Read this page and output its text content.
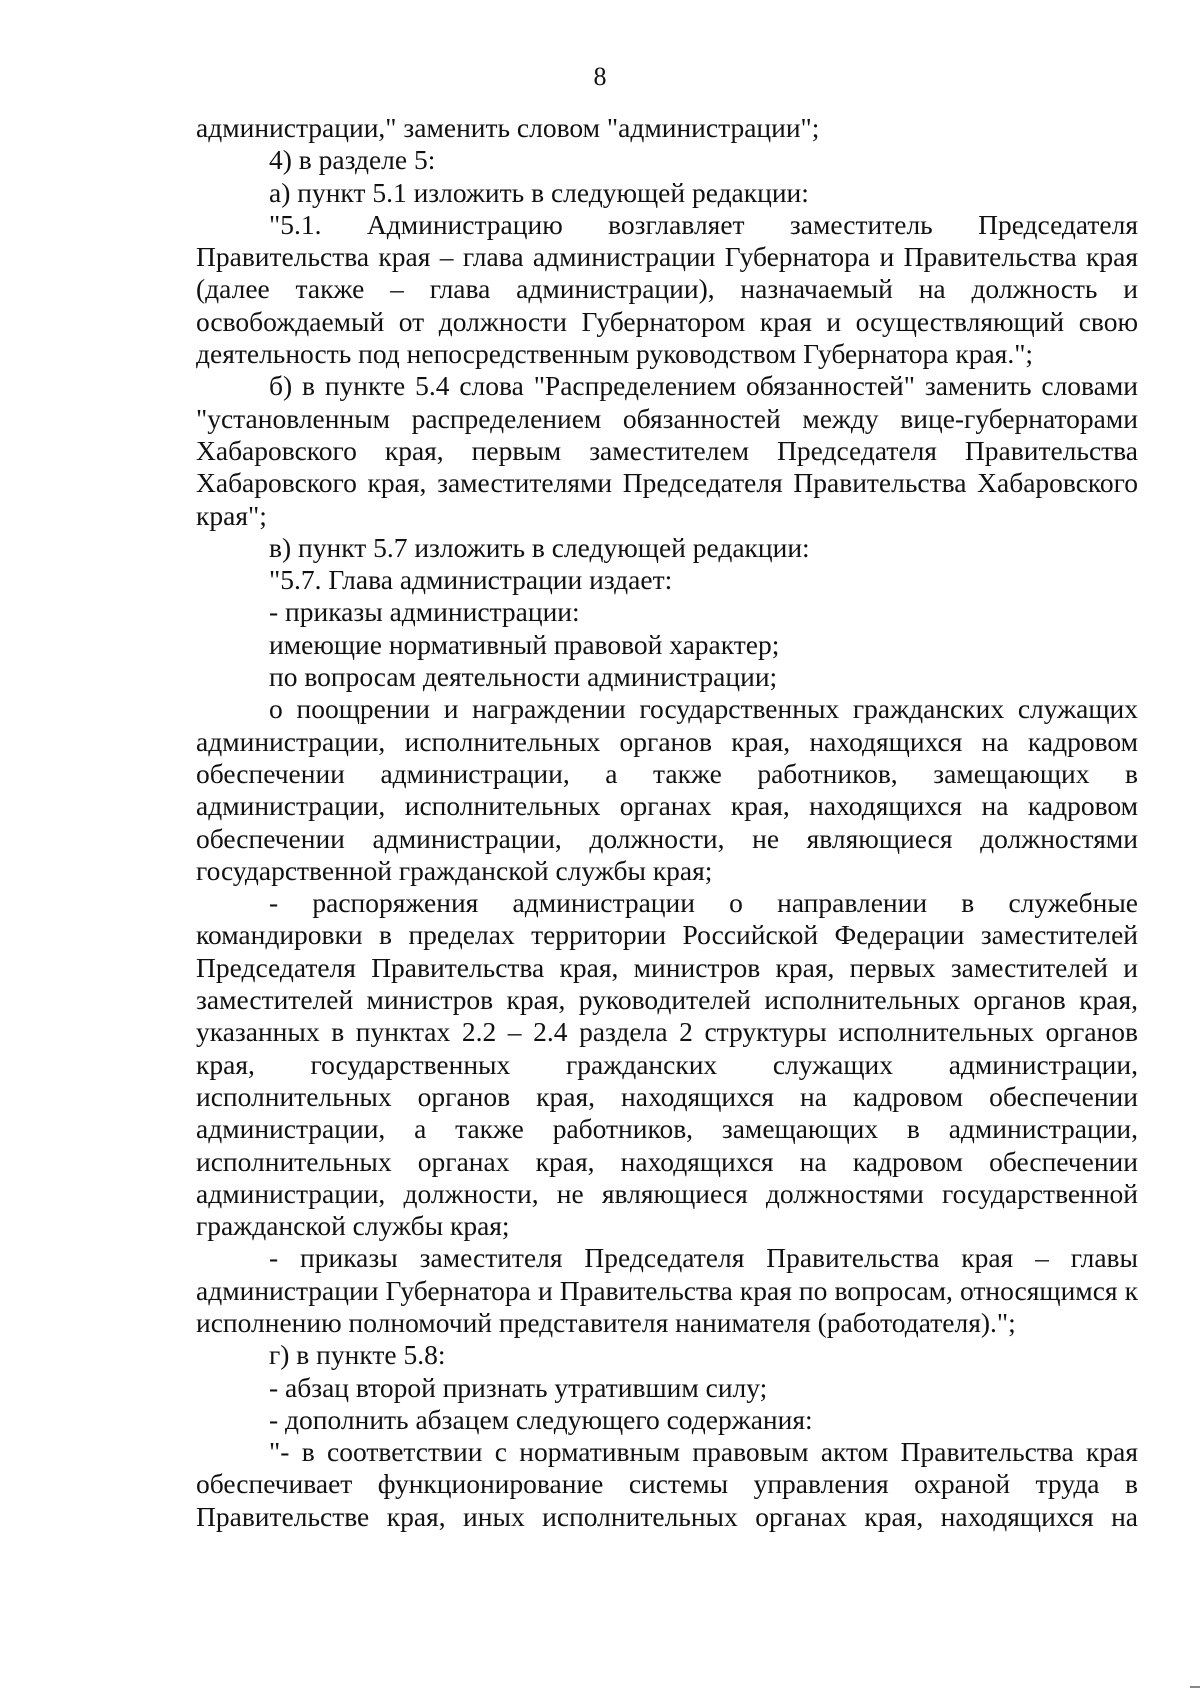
8

администрации," заменить словом "администрации";

4) в разделе 5:

а) пункт 5.1 изложить в следующей редакции:

"5.1. Администрацию возглавляет заместитель Председателя Правительства края – глава администрации Губернатора и Правительства края (далее также – глава администрации), назначаемый на должность и освобождаемый от должности Губернатором края и осуществляющий свою деятельность под непосредственным руководством Губернатора края.";

б) в пункте 5.4 слова "Распределением обязанностей" заменить словами "установленным распределением обязанностей между вице-губернаторами Хабаровского края, первым заместителем Председателя Правительства Хабаровского края, заместителями Председателя Правительства Хабаровского края";

в) пункт 5.7 изложить в следующей редакции:

"5.7. Глава администрации издает:

- приказы администрации:

имеющие нормативный правовой характер;

по вопросам деятельности администрации;

о поощрении и награждении государственных гражданских служащих администрации, исполнительных органов края, находящихся на кадровом обеспечении администрации, а также работников, замещающих в администрации, исполнительных органах края, находящихся на кадровом обеспечении администрации, должности, не являющиеся должностями государственной гражданской службы края;

- распоряжения администрации о направлении в служебные командировки в пределах территории Российской Федерации заместителей Председателя Правительства края, министров края, первых заместителей и заместителей министров края, руководителей исполнительных органов края, указанных в пунктах 2.2 – 2.4 раздела 2 структуры исполнительных органов края, государственных гражданских служащих администрации, исполнительных органов края, находящихся на кадровом обеспечении администрации, а также работников, замещающих в администрации, исполнительных органах края, находящихся на кадровом обеспечении администрации, должности, не являющиеся должностями государственной гражданской службы края;

- приказы заместителя Председателя Правительства края – главы администрации Губернатора и Правительства края по вопросам, относящимся к исполнению полномочий представителя нанимателя (работодателя).";

г) в пункте 5.8:

- абзац второй признать утратившим силу;

- дополнить абзацем следующего содержания:

"- в соответствии с нормативным правовым актом Правительства края обеспечивает функционирование системы управления охраной труда в Правительстве края, иных исполнительных органах края, находящихся на
